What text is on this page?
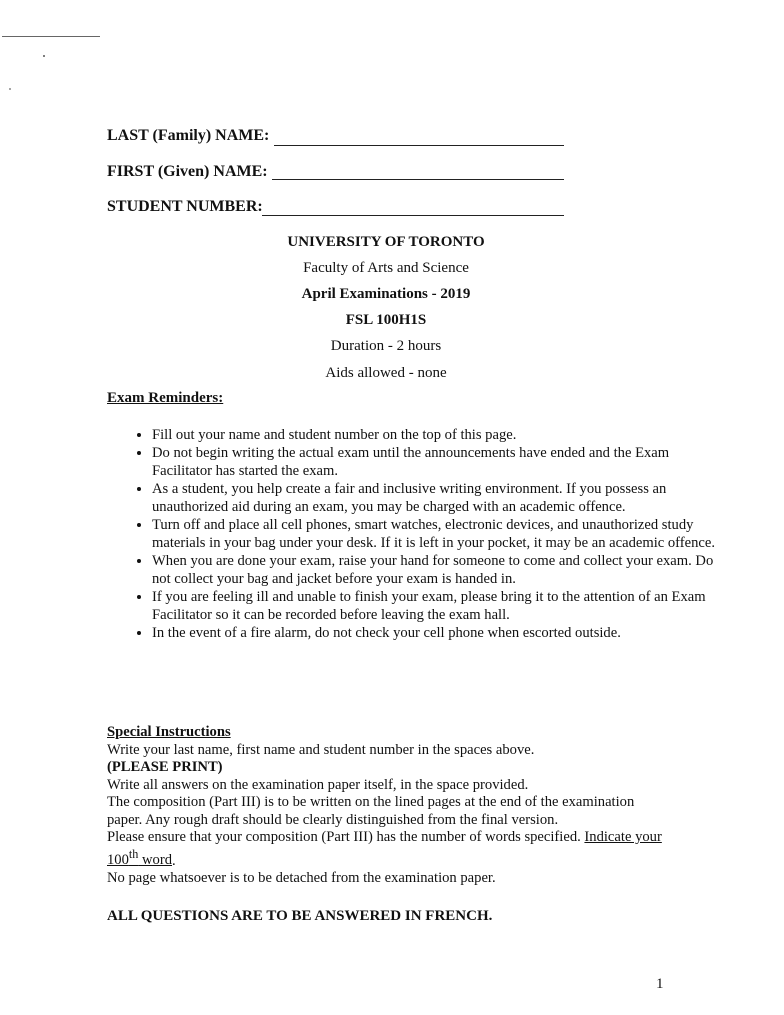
LAST (Family) NAME:
FIRST (Given) NAME:
STUDENT NUMBER:
UNIVERSITY OF TORONTO
Faculty of Arts and Science
April Examinations - 2019
FSL 100H1S
Duration - 2 hours
Aids allowed - none
Exam Reminders:
• Fill out your name and student number on the top of this page.
• Do not begin writing the actual exam until the announcements have ended and the Exam Facilitator has started the exam.
• As a student, you help create a fair and inclusive writing environment. If you possess an unauthorized aid during an exam, you may be charged with an academic offence.
• Turn off and place all cell phones, smart watches, electronic devices, and unauthorized study materials in your bag under your desk. If it is left in your pocket, it may be an academic offence.
• When you are done your exam, raise your hand for someone to come and collect your exam. Do not collect your bag and jacket before your exam is handed in.
• If you are feeling ill and unable to finish your exam, please bring it to the attention of an Exam Facilitator so it can be recorded before leaving the exam hall.
• In the event of a fire alarm, do not check your cell phone when escorted outside.

Special Instructions

Write your last name, first name and student number in the spaces above.

(PLEASE PRINT)

Write all answers on the examination paper itself, in the space provided.

The composition (Part III) is to be written on the lined pages at the end of the examination paper. Any rough draft should be clearly distinguished from the final version.

Please ensure that your composition (Part III) has the number of words specified. Indicate your 100th word.

No page whatsoever is to be detached from the examination paper.

ALL QUESTIONS ARE TO BE ANSWERED IN FRENCH.
1
